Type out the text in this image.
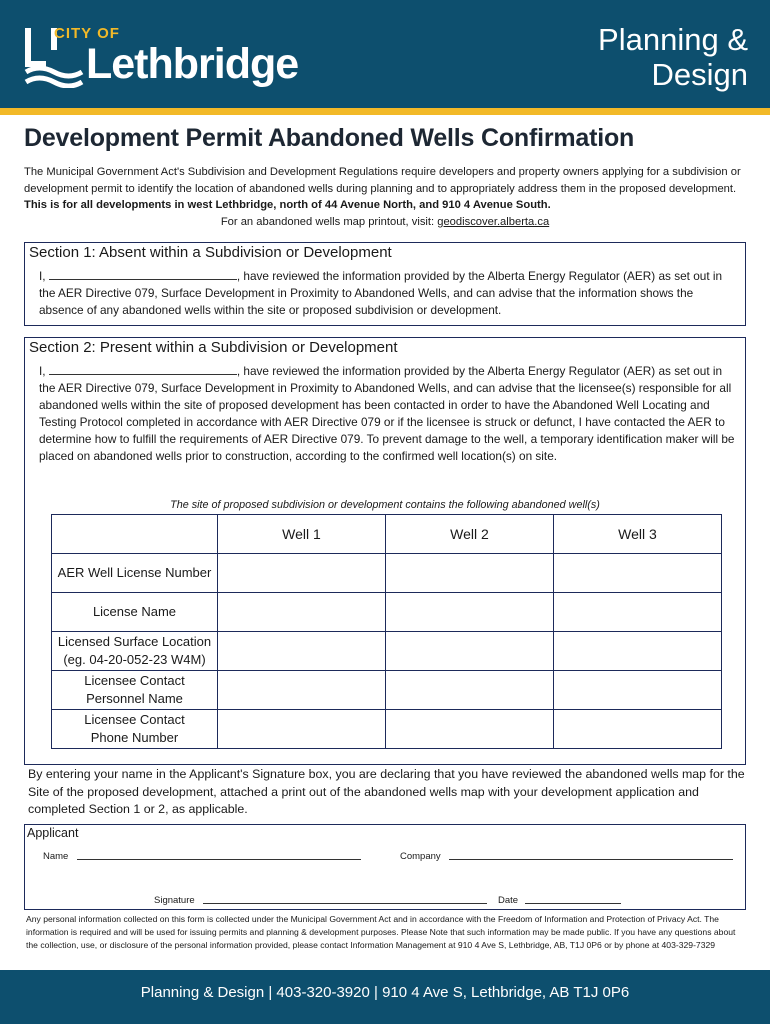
CITY OF
Lethbridge
Planning &
Design
Development Permit Abandoned Wells Confirmation
The Municipal Government Act's Subdivision and Development Regulations require developers and property owners applying for a subdivision or development permit to identify the location of abandoned wells during planning and to appropriately address them in the proposed development. This is for all developments in west Lethbridge, north of 44 Avenue North, and 910 4 Avenue South.
For an abandoned wells map printout, visit: geodiscover.alberta.ca
Section 1: Absent within a Subdivision or Development
I,	, have reviewed the information provided by the Alberta Energy Regulator (AER) as set out in the AER Directive 079, Surface Development in Proximity to Abandoned Wells, and can advise that the information shows the absence of any abandoned wells within the site or proposed subdivision or development.
Section 2: Present within a Subdivision or Development
I,	, have reviewed the information provided by the Alberta Energy Regulator (AER) as set out in the AER Directive 079, Surface Development in Proximity to Abandoned Wells, and can advise that the licensee(s) responsible for all abandoned wells within the site of proposed development has been contacted in order to have the Abandoned Well Locating and Testing Protocol completed in accordance with AER Directive 079 or if the licensee is struck or defunct, I have contacted the AER to determine how to fulfill the requirements of AER Directive 079. To prevent damage to the well, a temporary identification maker will be placed on abandoned wells prior to construction, according to the confirmed well location(s) on site.
The site of proposed subdivision or development contains the following abandoned well(s)
	Well 1	Well 2	Well 3

AER Well License Number			

License Name			

Licensed Surface Location
(eg. 04-20-052-23 W4M)			

Licensee Contact
Personnel Name			

Licensee Contact
Phone Number			

By entering your name in the Applicant's Signature box, you are declaring that you have reviewed the abandoned wells map for the Site of the proposed development, attached a print out of the abandoned wells map with your development application and completed Section 1 or 2, as applicable.
Applicant
Name	Company
Signature	Date
Any personal information collected on this form is collected under the Municipal Government Act and in accordance with the Freedom of Information and Protection of Privacy Act. The information is required and will be used for issuing permits and planning & development purposes. Please Note that such information may be made public. If you have any questions about the collection, use, or disclosure of the personal information provided, please contact Information Management at 910 4 Ave S, Lethbridge, AB, T1J 0P6 or by phone at 403-329-7329
Planning & Design | 403-320-3920 | 910 4 Ave S, Lethbridge, AB T1J 0P6
